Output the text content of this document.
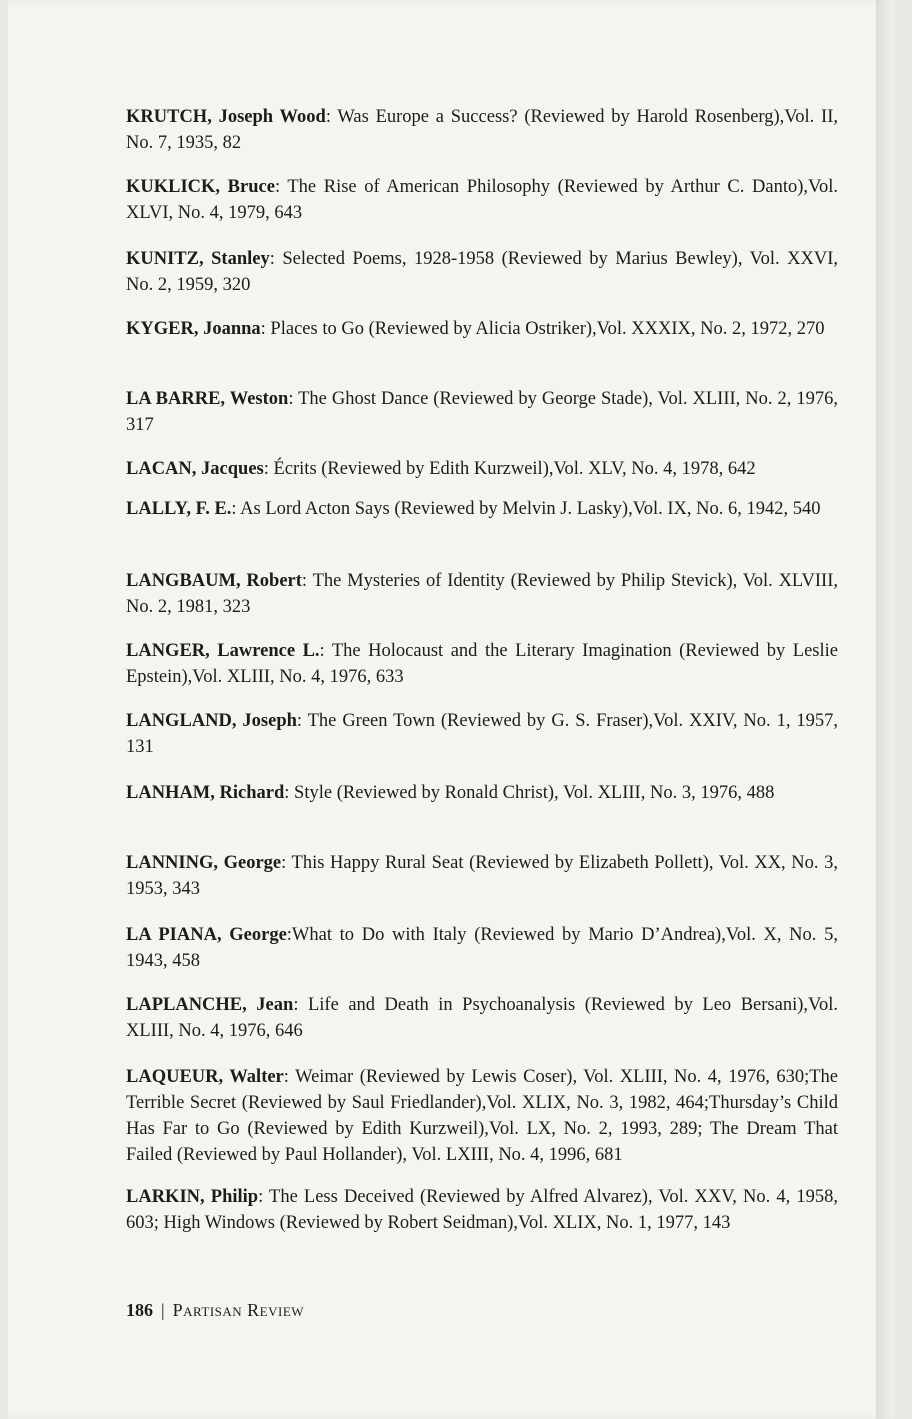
KRUTCH, Joseph Wood: Was Europe a Success? (Reviewed by Harold Rosenberg),Vol. II, No. 7, 1935, 82

KUKLICK, Bruce: The Rise of American Philosophy (Reviewed by Arthur C. Danto),Vol. XLVI, No. 4, 1979, 643

KUNITZ, Stanley: Selected Poems, 1928-1958 (Reviewed by Marius Bewley), Vol. XXVI, No. 2, 1959, 320

KYGER, Joanna: Places to Go (Reviewed by Alicia Ostriker),Vol. XXXIX, No. 2, 1972, 270

LA BARRE, Weston: The Ghost Dance (Reviewed by George Stade), Vol. XLIII, No. 2, 1976, 317

LACAN, Jacques: Écrits (Reviewed by Edith Kurzweil),Vol. XLV, No. 4, 1978, 642

LALLY, F. E.: As Lord Acton Says (Reviewed by Melvin J. Lasky),Vol. IX, No. 6, 1942, 540

LANGBAUM, Robert: The Mysteries of Identity (Reviewed by Philip Stevick), Vol. XLVIII, No. 2, 1981, 323

LANGER, Lawrence L.: The Holocaust and the Literary Imagination (Reviewed by Leslie Epstein),Vol. XLIII, No. 4, 1976, 633

LANGLAND, Joseph: The Green Town (Reviewed by G. S. Fraser),Vol. XXIV, No. 1, 1957, 131

LANHAM, Richard: Style (Reviewed by Ronald Christ), Vol. XLIII, No. 3, 1976, 488

LANNING, George: This Happy Rural Seat (Reviewed by Elizabeth Pollett), Vol. XX, No. 3, 1953, 343

LA PIANA, George:What to Do with Italy (Reviewed by Mario D’Andrea),Vol. X, No. 5, 1943, 458

LAPLANCHE, Jean: Life and Death in Psychoanalysis (Reviewed by Leo Bersani),Vol. XLIII, No. 4, 1976, 646

LAQUEUR, Walter: Weimar (Reviewed by Lewis Coser), Vol. XLIII, No. 4, 1976, 630;The Terrible Secret (Reviewed by Saul Friedlander),Vol. XLIX, No. 3, 1982, 464;Thursday’s Child Has Far to Go (Reviewed by Edith Kurzweil),Vol. LX, No. 2, 1993, 289; The Dream That Failed (Reviewed by Paul Hollander), Vol. LXIII, No. 4, 1996, 681

LARKIN, Philip: The Less Deceived (Reviewed by Alfred Alvarez), Vol. XXV, No. 4, 1958, 603; High Windows (Reviewed by Robert Seidman),Vol. XLIX, No. 1, 1977, 143

186 | Partisan Review
